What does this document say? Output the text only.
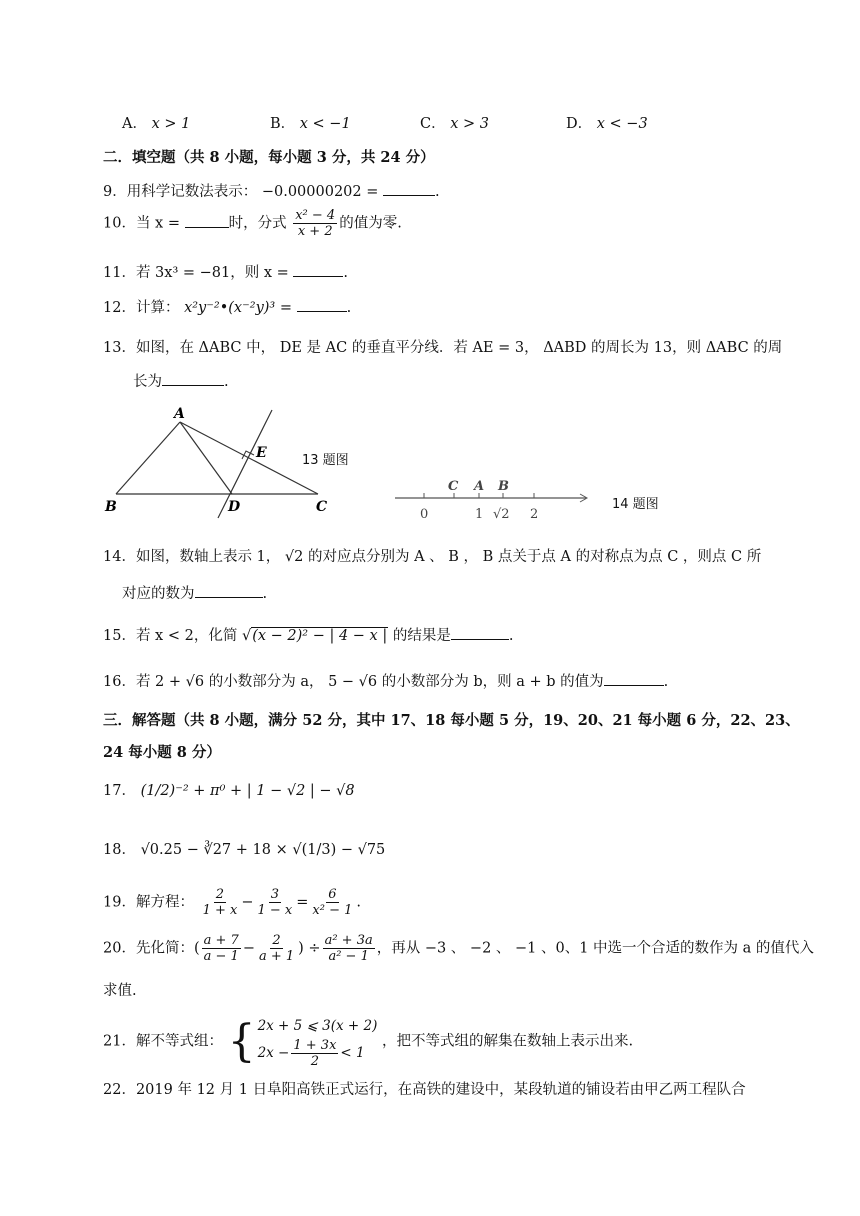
A． x > 1	B． x < −1	C． x > 3	D． x < −3
二．填空题（共 8 小题，每小题 3 分，共 24 分）
9．用科学记数法表示： −0.00000202 =	.
10．当 x =	时，分式 $\frac{\text{x² − 4}}{x + 2}$ 的值为零.
11．若 3x³ = −81，则 x =	.
12．计算： x²y⁻²•(x⁻²y)³ =	.
13．如图，在 ΔABC 中， DE 是 AC 的垂直平分线．若 AE = 3， ΔABD 的周长为 13，则 ΔABC 的周
长为	.
A
B	C
D
E	13 题图
C A B
0	1 √2 2
14 题图
14．如图，数轴上表示 1， √2 的对应点分别为 A 、 B ， B 点关于点 A 的对称点为点 C ，则点 C 所
对应的数为	.
15．若 x < 2，化简 √(x − 2)² − | 4 − x | 的结果是	.
16．若 2 + √6 的小数部分为 a， 5 − √6 的小数部分为 b，则 a + b 的值为	.
三．解答题（共 8 小题，满分 52 分，其中 17、18 每小题 5 分，19、20、21 每小题 6 分，22、23、
24 每小题 8 分）
17． (1/2)⁻² + π⁰ + | 1 − √2 | − √8
18． √0.25 − ∛27 + 18 × √(1/3) − √75
19．解方程： $\frac{2}{1 + x} - \frac{3}{1 - x} = \frac{6}{\text{x² − 1}}$ .
20．先化简：( $\frac{a + 7}{a - 1} - \frac{2}{a + 1}$ ) ÷ $\frac{\text{a² + 3a}}{\text{a² − 1}}$ ，再从 −3 、 −2 、 −1 、0、1 中选一个合适的数作为 a 的值代入
求值.
21．解不等式组： { 2x + 5 ⩽ 3(x + 2)
$2x - \frac{1 + 3x}{2} < 1$
，把不等式组的解集在数轴上表示出来.
22．2019 年 12 月 1 日阜阳高铁正式运行，在高铁的建设中，某段轨道的铺设若由甲乙两工程队合
